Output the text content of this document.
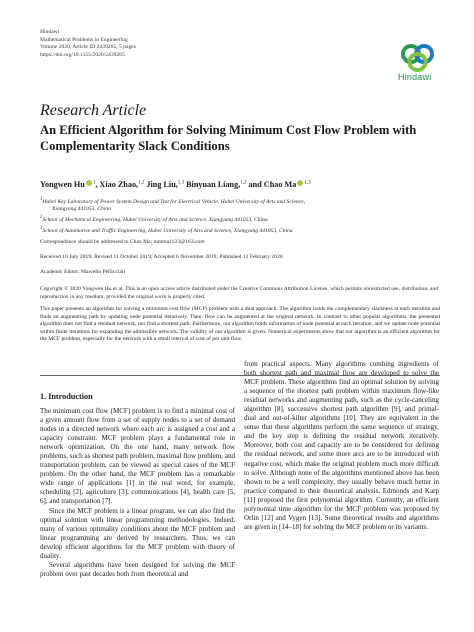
Hindawi
Mathematical Problems in Engineering
Volume 2020, Article ID 2439265, 5 pages
https://doi.org/10.1155/2020/2439265
Hindawi
Research Article
An Efficient Algorithm for Solving Minimum Cost Flow Problem with Complementarity Slack Conditions
Yongwen Hu $^1$, Xiao Zhao,$^{1,2}$ Jing Liu,$^{1,3}$ Binyuan Liang,$^{1,2}$ and Chao Ma $^{1,3}$

$^1$Hubei Key Laboratory of Power System Design and Test for Electrical Vehicle, Hubei University of Arts and Science,

Xiangyang 441053, China

$^2$School of Mechanical Engineering, Hubei University of Arts and Science, Xiangyang 441053, China

$^3$School of Automotive and Traffic Engineering, Hubei University of Arts and Science, Xiangyang 441053, China

Correspondence should be addressed to Chao Ma; mmma1123@163.com
Received 10 July 2019; Revised 11 October 2019; Accepted 6 November 2019; Published 12 February 2020
Academic Editor: Marcello Pellicciari
Copyright © 2020 Yongwen Hu et al. This is an open access article distributed under the Creative Commons Attribution License, which permits unrestricted use, distribution, and reproduction in any medium, provided the original work is properly cited.
This paper presents an algorithm for solving a minimum cost flow (MCF) problem with a dual approach. The algorithm holds the complementary slackness at each iteration and finds an augmenting path by updating node potential iteratively. Then, flow can be augmented at the original network. In contrast to other popular algorithms, the presented algorithm does not find a residual network, nor find a shortest path. Furthermore, our algorithm holds information of node potential at each iteration, and we update node potential within finite iterations for expanding the admissible network. The validity of our algorithm is given. Numerical experiments show that our algorithm is an efficient algorithm for the MCF problem, especially for the network with a small interval of cost of per unit flow.
1. Introduction

The minimum cost flow (MCF) problem is to find a minimal cost of a given amount flow from a set of supply nodes to a set of demand nodes in a directed network where each arc is assigned a cost and a capacity constraint. MCF problem plays a fundamental role in network optimization. On the one hand, many network flow problems, such as shortest path problem, maximal flow problem, and transportation problem, can be viewed as special cases of the MCF problem. On the other hand, the MCF problem has a remarkable wide range of applications [1] in the real word, for example, scheduling [2], agriculture [3], communications [4], health care [5, 6], and transportation [7].

Since the MCF problem is a linear program, we can also find the optimal solution with linear programming methodologies. Indeed, many of various optimality conditions about the MCF problem and linear programming are derived by researchers. Thus, we can develop efficient algorithms for the MCF problem with theory of duality.

Several algorithms have been designed for solving the MCF problem over past decades both from theoretical and

from practical aspects. Many algorithms combing ingredients of both shortest path and maximal flow are developed to solve the MCF problem. These algorithms find an optimal solution by solving a sequence of the shortest path problem within maximum flow-like residual networks and augmenting path, such as the cycle-canceling algorithm [8], successive shortest path algorithm [9], and primal-dual and out-of-kilter algorithms [10]. They are equivalent in the sense that these algorithms perform the same sequence of strategy, and the key step is defining the residual network iteratively. Moreover, both cost and capacity are to be considered for defining the residual network, and some more arcs are to be introduced with negative cost, which make the original problem much more difficult to solve. Although none of the algorithms mentioned above has been shown to be a well complexity, they usually behave much better in practice compared to their theoretical analysis. Edmonds and Karp [11] proposed the first polynomial algorithm. Currently, an efficient polynomial time algorithm for the MCF problem was proposed by Orlin [12] and Vygen [13]. Some theoretical results and algorithms are given in [14–18] for solving the MCF problem or its variants.
